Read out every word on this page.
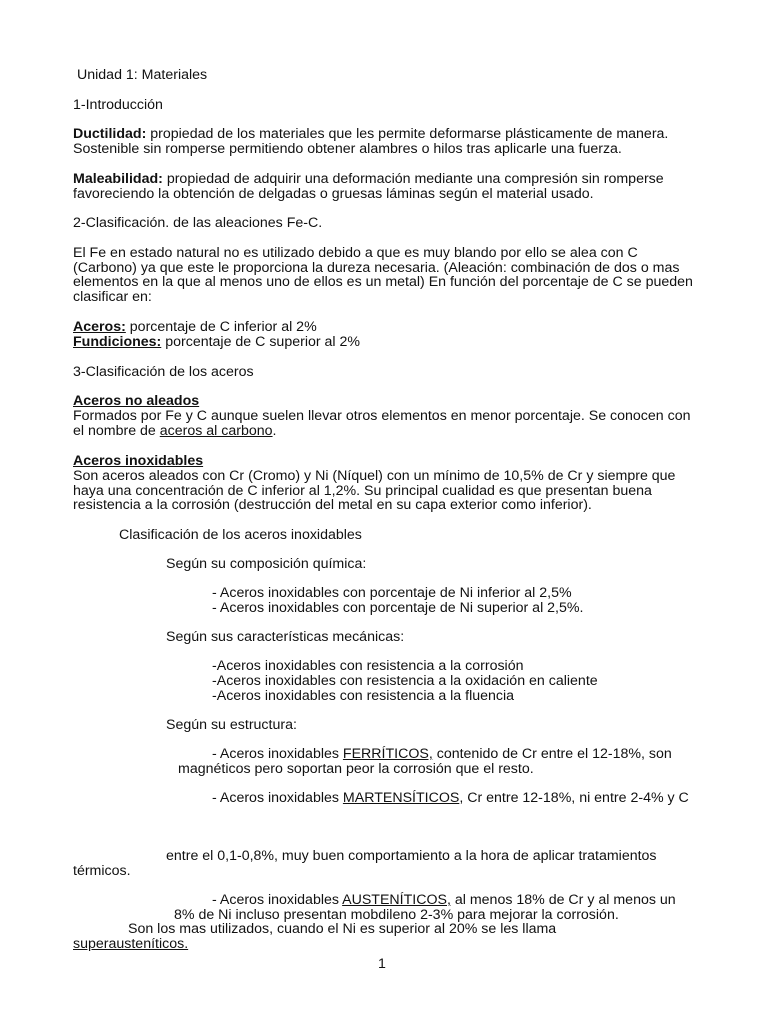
Unidad 1: Materiales
1-Introducción
Ductilidad: propiedad de los materiales que les permite deformarse plásticamente de manera.
Sostenible sin romperse permitiendo obtener alambres o hilos tras aplicarle una fuerza.
Maleabilidad: propiedad de adquirir una deformación mediante una compresión sin romperse
favoreciendo la obtención de delgadas o gruesas láminas según el material usado.
2-Clasificación. de las aleaciones Fe-C.
El Fe en estado natural no es utilizado debido a que es muy blando por ello se alea con C
(Carbono) ya que este le proporciona la dureza necesaria. (Aleación: combinación de dos o mas
elementos en la que al menos uno de ellos es un metal) En función del porcentaje de C se pueden
clasificar en:
Aceros: porcentaje de C inferior al 2%
Fundiciones: porcentaje de C superior al 2%
3-Clasificación de los aceros
Aceros no aleados
Formados por Fe y C aunque suelen llevar otros elementos en menor porcentaje. Se conocen con
el nombre de aceros al carbono.
Aceros inoxidables
Son aceros aleados con Cr (Cromo) y Ni (Níquel) con un mínimo de 10,5% de Cr y siempre que
haya una concentración de C inferior al 1,2%. Su principal cualidad es que presentan buena
resistencia a la corrosión (destrucción del metal en su capa exterior como inferior).
Clasificación de los aceros inoxidables
Según su composición química:
- Aceros inoxidables con porcentaje de Ni inferior al 2,5%
- Aceros inoxidables con porcentaje de Ni superior al 2,5%.
Según sus características mecánicas:
-Aceros inoxidables con resistencia a la corrosión
-Aceros inoxidables con resistencia a la oxidación en caliente
-Aceros inoxidables con resistencia a la fluencia
Según su estructura:
- Aceros inoxidables FERRÍTICOS, contenido de Cr entre el 12-18%, son
magnéticos pero soportan peor la corrosión que el resto.
- Aceros inoxidables MARTENSÍTICOS, Cr entre 12-18%, ni entre 2-4% y C
entre el 0,1-0,8%, muy buen comportamiento a la hora de aplicar tratamientos
térmicos.
- Aceros inoxidables AUSTENÍTICOS, al menos 18% de Cr y al menos un
8% de Ni incluso presentan mobdileno 2-3% para mejorar la corrosión.
Son los mas utilizados, cuando el Ni es superior al 20% se les llama
superausteníticos.
1
